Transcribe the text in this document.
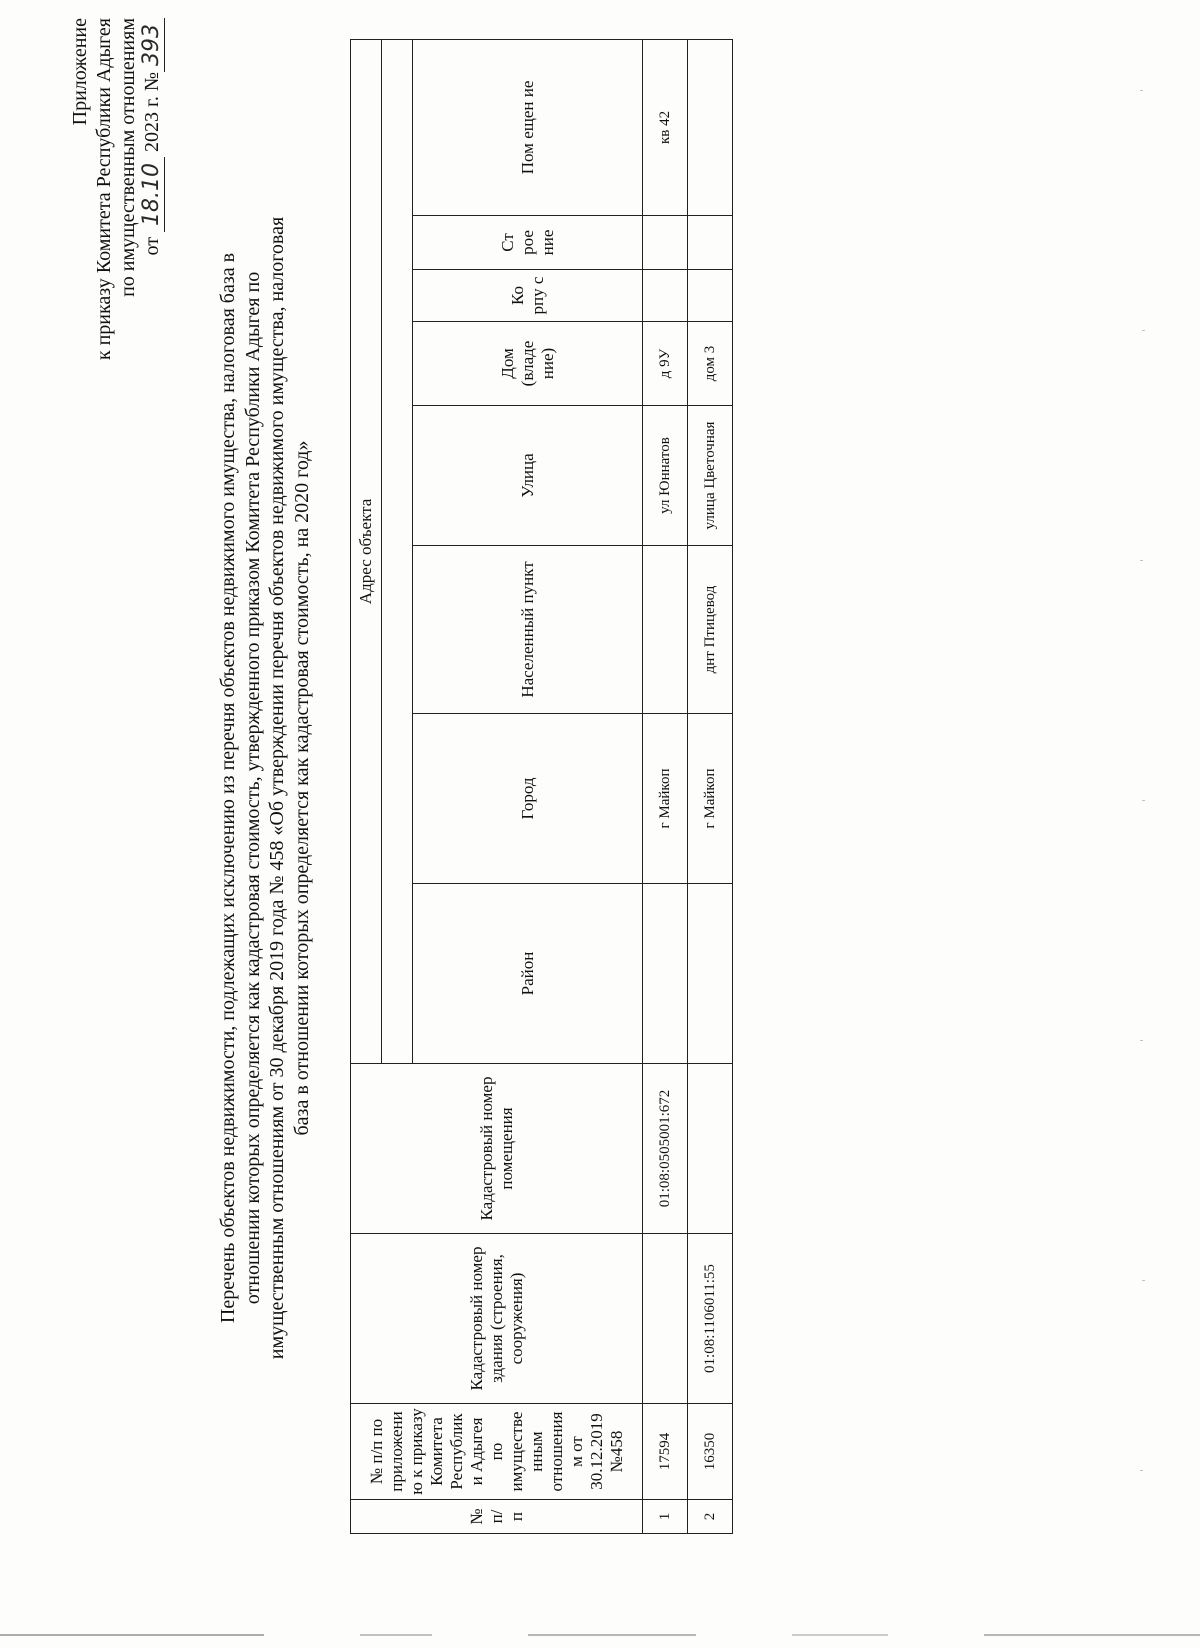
Приложение к приказу Комитета Республики Адыгея по имущественным отношениям от 18.10 2023 г. №393
Перечень объектов недвижимости, подлежащих исключению из перечня объектов недвижимого имущества, налоговая база в отношении которых определяется как кадастровая стоимость, утвержденного приказом Комитета Республики Адыгея по имущественным отношениям от 30 декабря 2019 года № 458 «Об утверждении перечня объектов недвижимого имущества, налоговая база в отношении которых определяется как кадастровая стоимость, на 2020 год»
№ п/ п	№ п/п по приложени ю к приказу Комитета Республик и Адыгея по имуществе нным отношения м от 30.12.2019 №458	Кадастровый номер здания (строения, сооружения)	Кадастровый номер помещения	Адрес объекта							

				Район	Город	Населенный пункт	Улица	Дом (владе ние)	Ко рпу с	Ст рое ние	Пом ещен ие
1	17594		01:08:0505001:672		г Майкоп		ул Юннатов	д 9У			кв 42
2	16350	01:08:1106011:55			г Майкоп	днт Птицевод	улица Цветочная	дом 3			
